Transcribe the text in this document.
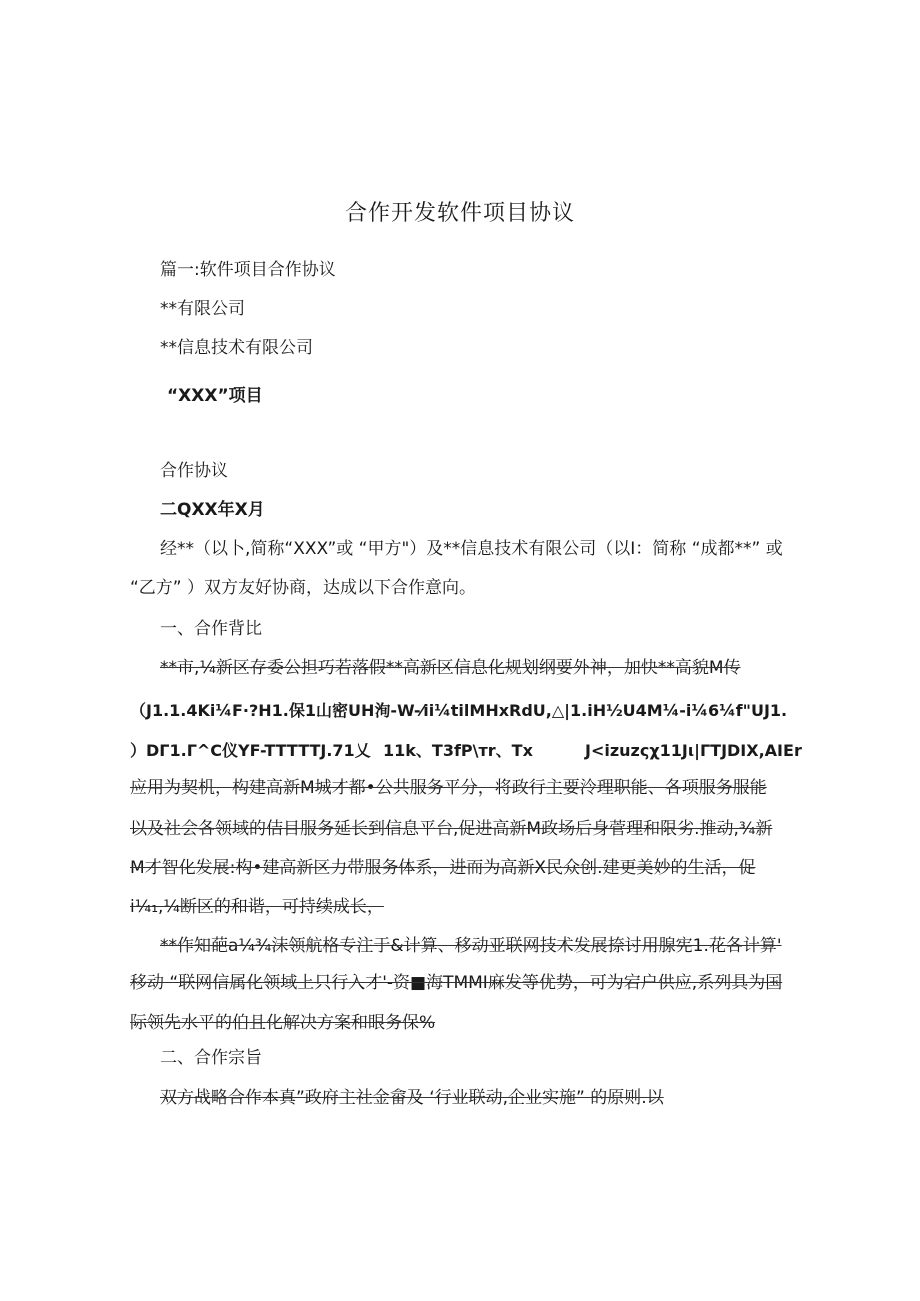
合作开发软件项目协议
篇一:软件项目合作协议
**有限公司
**信息技术有限公司
“XXX”项目
合作协议
二QXX年X月
经**（以卜,简称“XXX”或 “甲方"）及**信息技术有限公司（以I：简称 “成都**” 或
“乙方” ）双方友好协商，达成以下合作意向。
一、合作背比
**市,¼新区存委公担巧若落假**高新区信息化规划纲要外神，加快**高貌M传
（J1.1.4Ki¼F·?H1.保1山密UH洵-W-⁄ii¼tilMHxRdU,△|1.iH½U4M¼-i¼6¼f"UJ1.
）DΓ1.Γ^C仪YF-TTTTTJ.71乂 11k、T3fP\тr、Tx	J<izuzςχ11Jι|ΓTJDIX,AIEr
应用为契机，构建高新M城才都•公共服务平分，将政行主要泠理职能、各项服务服能
以及社会各领域的佶目服务延长到信息平台,促进高新M政场后身菅理和限劣.推动,¾新
M才智化发展:构•建高新区力带服务体系，进而为高新X民众创.建更美妙的生活，促
i¼₁,¼断区的和谐，可持续成长，
**作知葩a¼¾沫领航格专注于&计算、移动亚联网技术发展捺讨用腺宪1.花各计算'
移动 “联网信属化领域上只行入才'-资■海TMMI麻发等优势，可为宕户供应,系列具为国
际领先水平的伯且化解决方案和眼务保%
二、合作宗旨
双方战略合作本真”政府主社金畲及 ‘行业联动,企业实施” 的原则.以
